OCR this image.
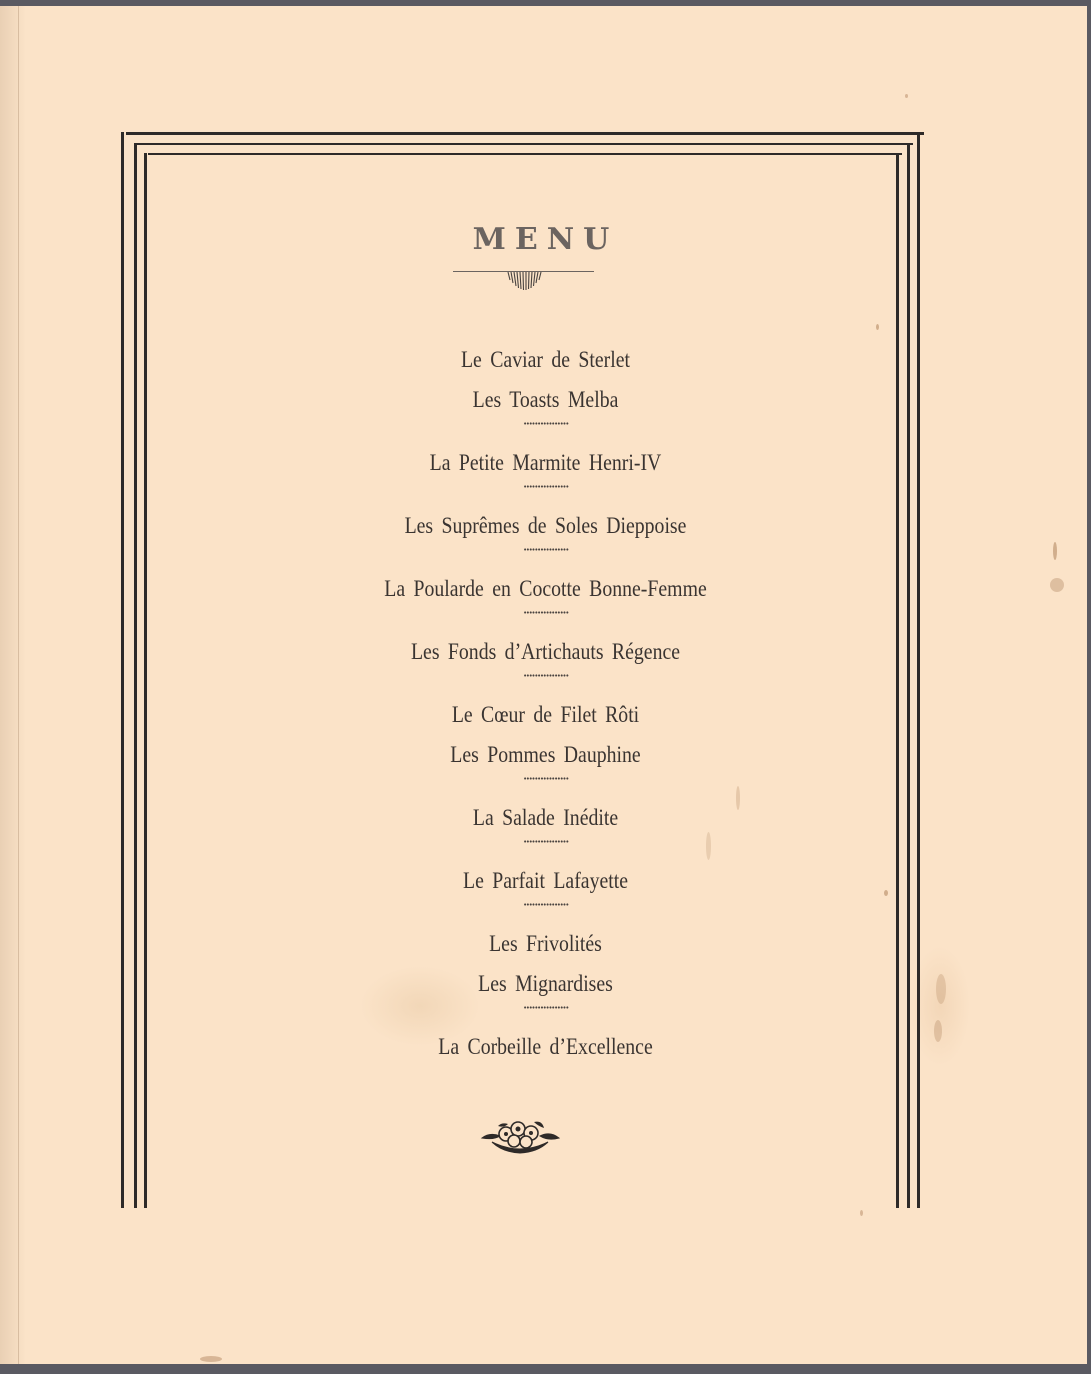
MENU
Le Caviar de Sterlet
Les Toasts Melba
••••••••••••••••
La Petite Marmite Henri-IV
••••••••••••••••
Les Suprêmes de Soles Dieppoise
••••••••••••••••
La Poularde en Cocotte Bonne-Femme
••••••••••••••••
Les Fonds d’Artichauts Régence
••••••••••••••••
Le Cœur de Filet Rôti
Les Pommes Dauphine
••••••••••••••••
La Salade Inédite
••••••••••••••••
Le Parfait Lafayette
••••••••••••••••
Les Frivolités
Les Mignardises
••••••••••••••••
La Corbeille d’Excellence
